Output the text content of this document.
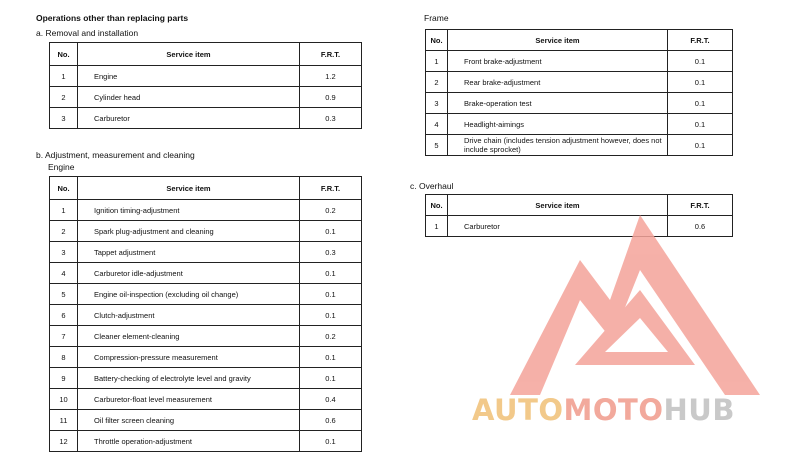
Operations other than replacing parts
a. Removal and installation
b. Adjustment, measurement and cleaning
Engine
Frame
c. Overhaul
No.	Service item	F.R.T.
1	Engine	1.2
2	Cylinder head	0.9
3	Carburetor	0.3
No.	Service item	F.R.T.
1	Ignition timing-adjustment	0.2
2	Spark plug-adjustment and cleaning	0.1
3	Tappet adjustment	0.3
4	Carburetor idle-adjustment	0.1
5	Engine oil-inspection (excluding oil change)	0.1
6	Clutch-adjustment	0.1
7	Cleaner element-cleaning	0.2
8	Compression-pressure measurement	0.1
9	Battery-checking of electrolyte level and gravity	0.1
10	Carburetor-float level measurement	0.4
11	Oil filter screen cleaning	0.6
12	Throttle operation-adjustment	0.1
No.	Service item	F.R.T.
1	Front brake-adjustment	0.1
2	Rear brake-adjustment	0.1
3	Brake-operation test	0.1
4	Headlight-aimings	0.1
5	Drive chain (includes tension adjustment however, does not include sprocket)	0.1
No.	Service item	F.R.T.
1	Carburetor	0.6
AUTOMOTOHUB
